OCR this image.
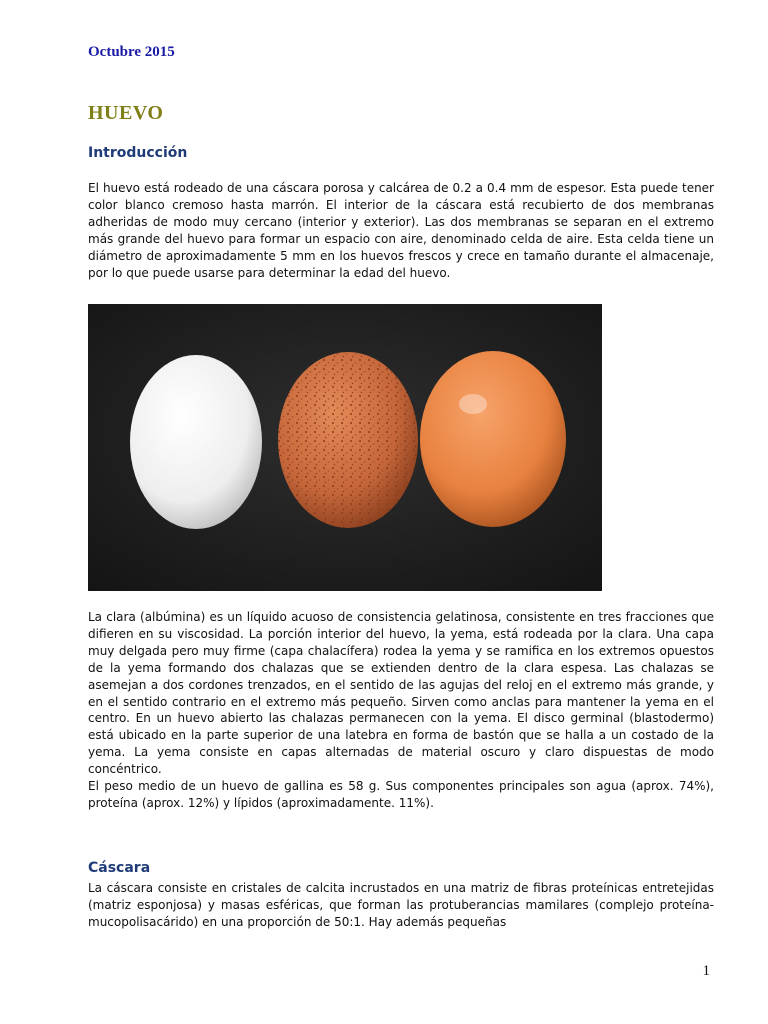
Octubre 2015
HUEVO
Introducción

El huevo está rodeado de una cáscara porosa y calcárea de 0.2 a 0.4 mm de espesor. Esta puede tener color blanco cremoso hasta marrón. El interior de la cáscara está recubierto de dos membranas adheridas de modo muy cercano (interior y exterior). Las dos membranas se separan en el extremo más grande del huevo para formar un espacio con aire, denominado celda de aire. Esta celda tiene un diámetro de aproximadamente 5 mm en los huevos frescos y crece en tamaño durante el almacenaje, por lo que puede usarse para determinar la edad del huevo.

La clara (albúmina) es un líquido acuoso de consistencia gelatinosa, consistente en tres fracciones que difieren en su viscosidad. La porción interior del huevo, la yema, está rodeada por la clara. Una capa muy delgada pero muy firme (capa chalacífera) rodea la yema y se ramifica en los extremos opuestos de la yema formando dos chalazas que se extienden dentro de la clara espesa. Las chalazas se asemejan a dos cordones trenzados, en el sentido de las agujas del reloj en el extremo más grande, y en el sentido contrario en el extremo más pequeño. Sirven como anclas para mantener la yema en el centro. En un huevo abierto las chalazas permanecen con la yema. El disco germinal (blastodermo) está ubicado en la parte superior de una latebra en forma de bastón que se halla a un costado de la yema. La yema consiste en capas alternadas de material oscuro y claro dispuestas de modo concéntrico.

El peso medio de un huevo de gallina es 58 g. Sus componentes principales son agua (aprox. 74%), proteína (aprox. 12%) y lípidos (aproximadamente. 11%).

Cáscara

La cáscara consiste en cristales de calcita incrustados en una matriz de fibras proteínicas entretejidas (matriz esponjosa) y masas esféricas, que forman las protuberancias mamilares (complejo proteína-mucopolisacárido) en una proporción de 50:1. Hay además pequeñas

1
